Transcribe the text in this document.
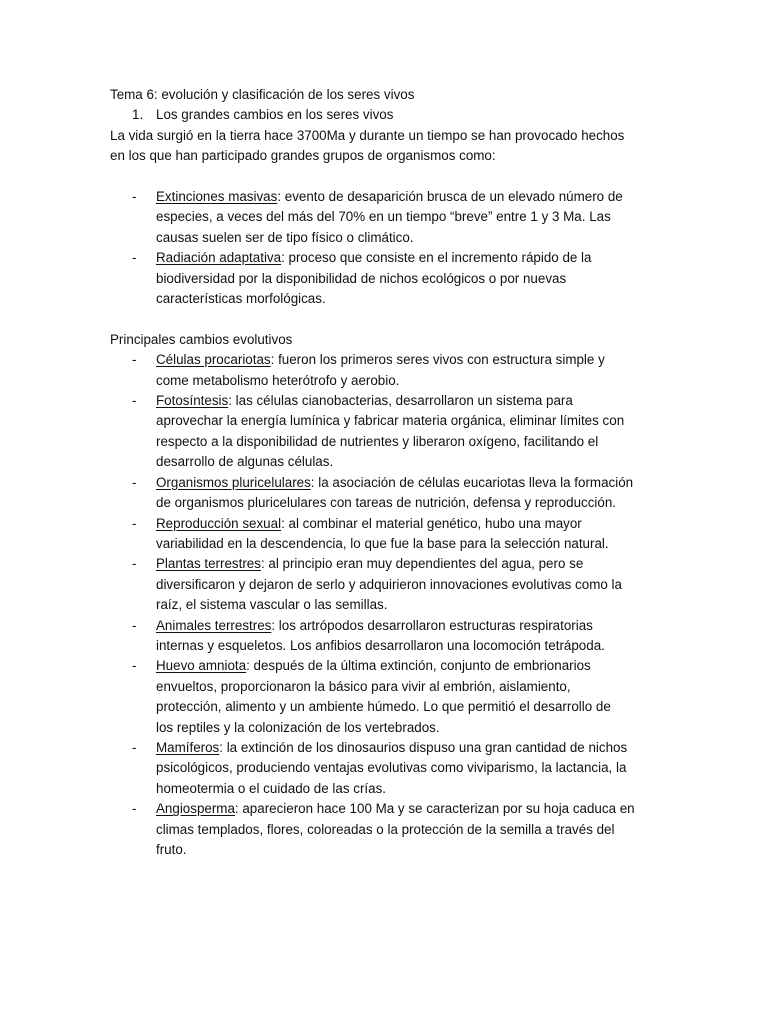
Tema 6: evolución y clasificación de los seres vivos
1. Los grandes cambios en los seres vivos
La vida surgió en la tierra hace 3700Ma y durante un tiempo se han provocado hechos
en los que han participado grandes grupos de organismos como:
- Extinciones masivas: evento de desaparición brusca de un elevado número de
especies, a veces del más del 70% en un tiempo “breve” entre 1 y 3 Ma. Las
causas suelen ser de tipo físico o climático.
- Radiación adaptativa: proceso que consiste en el incremento rápido de la
biodiversidad por la disponibilidad de nichos ecológicos o por nuevas
características morfológicas.
Principales cambios evolutivos
- Células procariotas: fueron los primeros seres vivos con estructura simple y
come metabolismo heterótrofo y aerobio.
- Fotosíntesis: las células cianobacterias, desarrollaron un sistema para
aprovechar la energía lumínica y fabricar materia orgánica, eliminar límites con
respecto a la disponibilidad de nutrientes y liberaron oxígeno, facilitando el
desarrollo de algunas células.
- Organismos pluricelulares: la asociación de células eucariotas lleva la formación
de organismos pluricelulares con tareas de nutrición, defensa y reproducción.
- Reproducción sexual: al combinar el material genético, hubo una mayor
variabilidad en la descendencia, lo que fue la base para la selección natural.
- Plantas terrestres: al principio eran muy dependientes del agua, pero se
diversificaron y dejaron de serlo y adquirieron innovaciones evolutivas como la
raíz, el sistema vascular o las semillas.
- Animales terrestres: los artrópodos desarrollaron estructuras respiratorias
internas y esqueletos. Los anfibios desarrollaron una locomoción tetrápoda.
- Huevo amniota: después de la última extinción, conjunto de embrionarios
envueltos, proporcionaron la básico para vivir al embrión, aislamiento,
protección, alimento y un ambiente húmedo. Lo que permitió el desarrollo de
los reptiles y la colonización de los vertebrados.
- Mamíferos: la extinción de los dinosaurios dispuso una gran cantidad de nichos
psicológicos, produciendo ventajas evolutivas como viviparismo, la lactancia, la
homeotermia o el cuidado de las crías.
- Angiosperma: aparecieron hace 100 Ma y se caracterizan por su hoja caduca en
climas templados, flores, coloreadas o la protección de la semilla a través del
fruto.
